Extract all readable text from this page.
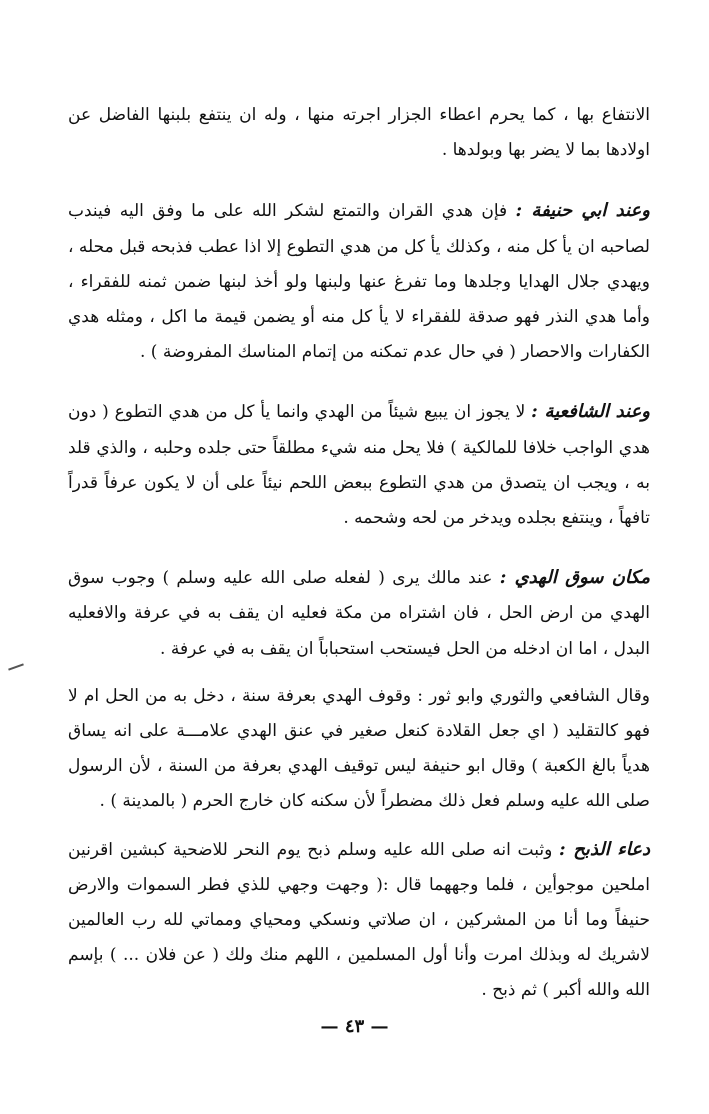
الانتفاع بها ، كما يحرم اعطاء الجزار اجرته منها ، وله ان ينتفع بلبنها الفاضل عن اولادها بما لا يضر بها وبولدها .

وعند ابي حنيفة : فإن هدي القران والتمتع لشكر الله على ما وفق اليه فيندب لصاحبه ان يأ كل منه ، وكذلك يأ كل من هدي التطوع إلا اذا عطب فذبحه قبل محله ، ويهدي جلال الهدايا وجلدها وما تفرغ عنها ولبنها ولو أخذ لبنها ضمن ثمنه للفقراء ، وأما هدي النذر فهو صدقة للفقراء لا يأ كل منه أو يضمن قيمة ما اكل ، ومثله هدي الكفارات والاحصار ( في حال عدم تمكنه من إتمام المناسك المفروضة ) .

وعند الشافعية : لا يجوز ان يبيع شيئاً من الهدي وانما يأ كل من هدي التطوع ( دون هدي الواجب خلافا للمالكية ) فلا يحل منه شيء مطلقاً حتى جلده وحلبه ، والذي قلد به ، ويجب ان يتصدق من هدي التطوع ببعض اللحم نيئاً على أن لا يكون عرفاً قدراً تافهاً ، وينتفع بجلده ويدخر من لحه وشحمه .

مكان سوق الهدي : عند مالك يرى ( لفعله صلى الله عليه وسلم ) وجوب سوق الهدي من ارض الحل ، فان اشتراه من مكة فعليه ان يقف به في عرفة والافعليه البدل ، اما ان ادخله من الحل فيستحب استحباباً ان يقف به في عرفة .

وقال الشافعي والثوري وابو ثور : وقوف الهدي بعرفة سنة ، دخل به من الحل ام لا فهو كالتقليد ( اي جعل القلادة كنعل صغير في عنق الهدي علامـــة على انه يساق هدياً بالغ الكعبة ) وقال ابو حنيفة ليس توقيف الهدي بعرفة من السنة ، لأن الرسول صلى الله عليه وسلم فعل ذلك مضطراً لأن سكنه كان خارج الحرم ( بالمدينة ) .

دعاء الذبح : وثبت انه صلى الله عليه وسلم ذبح يوم النحر للاضحية كبشين اقرنين املحين موجوأين ، فلما وجههما قال :( وجهت وجهي للذي فطر السموات والارض حنيفاً وما أنا من المشركين ، ان صلاتي ونسكي ومحياي ومماتي لله رب العالمين لاشريك له وبذلك امرت وأنا أول المسلمين ، اللهم منك ولك ( عن فلان ... ) بإسم الله والله أكبر ) ثم ذبح .

— ٤٣ —
